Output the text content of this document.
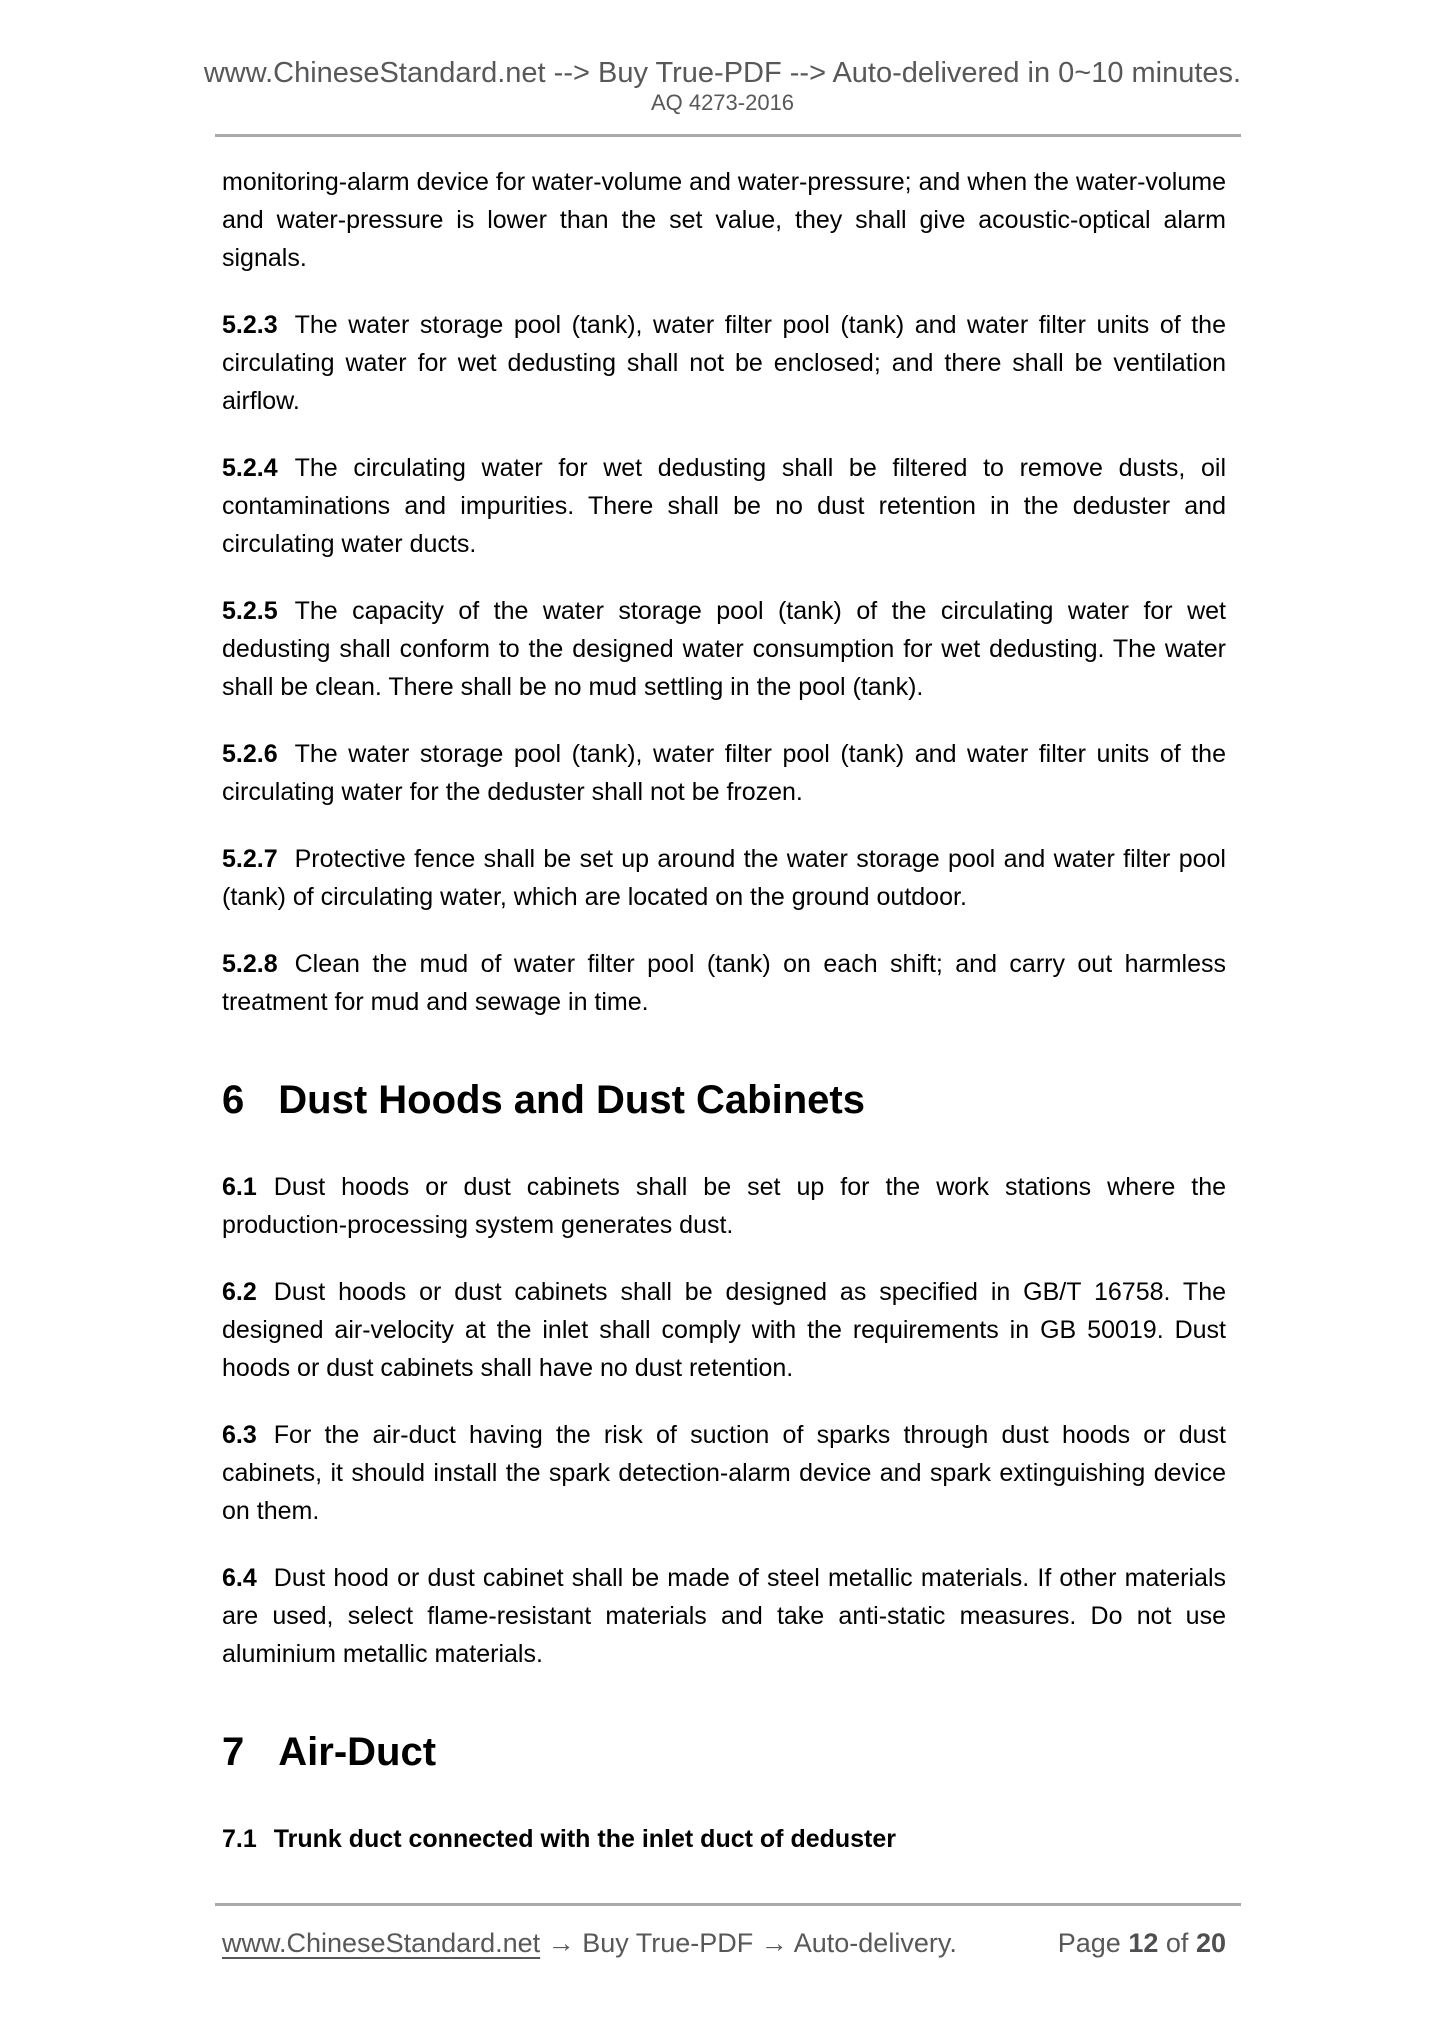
www.ChineseStandard.net --> Buy True-PDF --> Auto-delivered in 0~10 minutes.
AQ 4273-2016
monitoring-alarm device for water-volume and water-pressure; and when the water-volume and water-pressure is lower than the set value, they shall give acoustic-optical alarm signals.
5.2.3 The water storage pool (tank), water filter pool (tank) and water filter units of the circulating water for wet dedusting shall not be enclosed; and there shall be ventilation airflow.
5.2.4 The circulating water for wet dedusting shall be filtered to remove dusts, oil contaminations and impurities. There shall be no dust retention in the deduster and circulating water ducts.
5.2.5 The capacity of the water storage pool (tank) of the circulating water for wet dedusting shall conform to the designed water consumption for wet dedusting. The water shall be clean. There shall be no mud settling in the pool (tank).
5.2.6 The water storage pool (tank), water filter pool (tank) and water filter units of the circulating water for the deduster shall not be frozen.
5.2.7 Protective fence shall be set up around the water storage pool and water filter pool (tank) of circulating water, which are located on the ground outdoor.
5.2.8 Clean the mud of water filter pool (tank) on each shift; and carry out harmless treatment for mud and sewage in time.
6 Dust Hoods and Dust Cabinets
6.1 Dust hoods or dust cabinets shall be set up for the work stations where the production-processing system generates dust.
6.2 Dust hoods or dust cabinets shall be designed as specified in GB/T 16758. The designed air-velocity at the inlet shall comply with the requirements in GB 50019. Dust hoods or dust cabinets shall have no dust retention.
6.3 For the air-duct having the risk of suction of sparks through dust hoods or dust cabinets, it should install the spark detection-alarm device and spark extinguishing device on them.
6.4 Dust hood or dust cabinet shall be made of steel metallic materials. If other materials are used, select flame-resistant materials and take anti-static measures. Do not use aluminium metallic materials.
7 Air-Duct
7.1 Trunk duct connected with the inlet duct of deduster
www.ChineseStandard.net → Buy True-PDF → Auto-delivery.	Page 12 of 20
